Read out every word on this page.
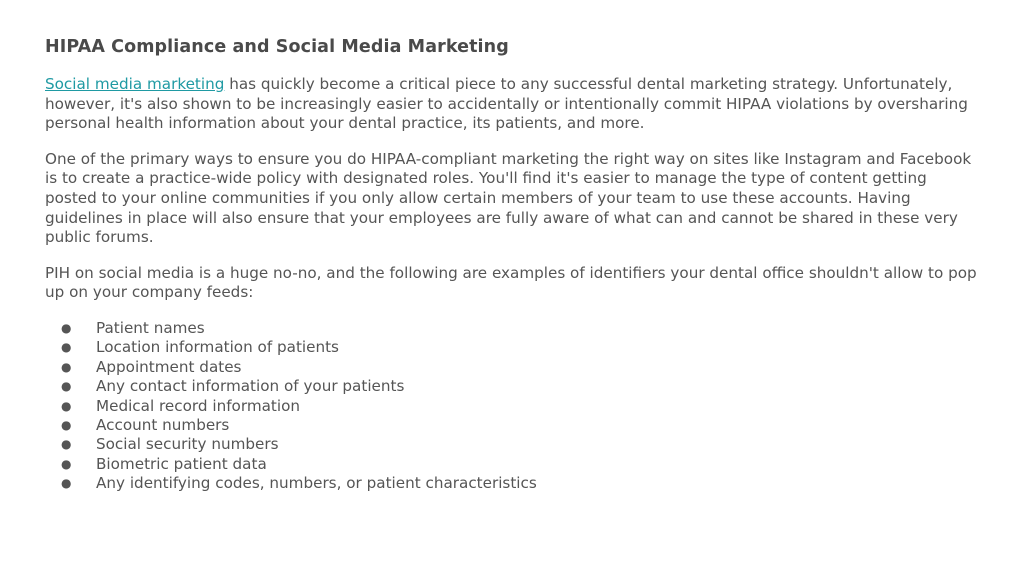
HIPAA Compliance and Social Media Marketing

Social media marketing has quickly become a critical piece to any successful dental marketing strategy. Unfortunately, however, it's also shown to be increasingly easier to accidentally or intentionally commit HIPAA violations by oversharing personal health information about your dental practice, its patients, and more.

One of the primary ways to ensure you do HIPAA-compliant marketing the right way on sites like Instagram and Facebook is to create a practice-wide policy with designated roles. You'll find it's easier to manage the type of content getting posted to your online communities if you only allow certain members of your team to use these accounts. Having guidelines in place will also ensure that your employees are fully aware of what can and cannot be shared in these very public forums.

PIH on social media is a huge no-no, and the following are examples of identifiers your dental office shouldn't allow to pop up on your company feeds:

● Patient names
● Location information of patients
● Appointment dates
● Any contact information of your patients
● Medical record information
● Account numbers
● Social security numbers
● Biometric patient data
● Any identifying codes, numbers, or patient characteristics
